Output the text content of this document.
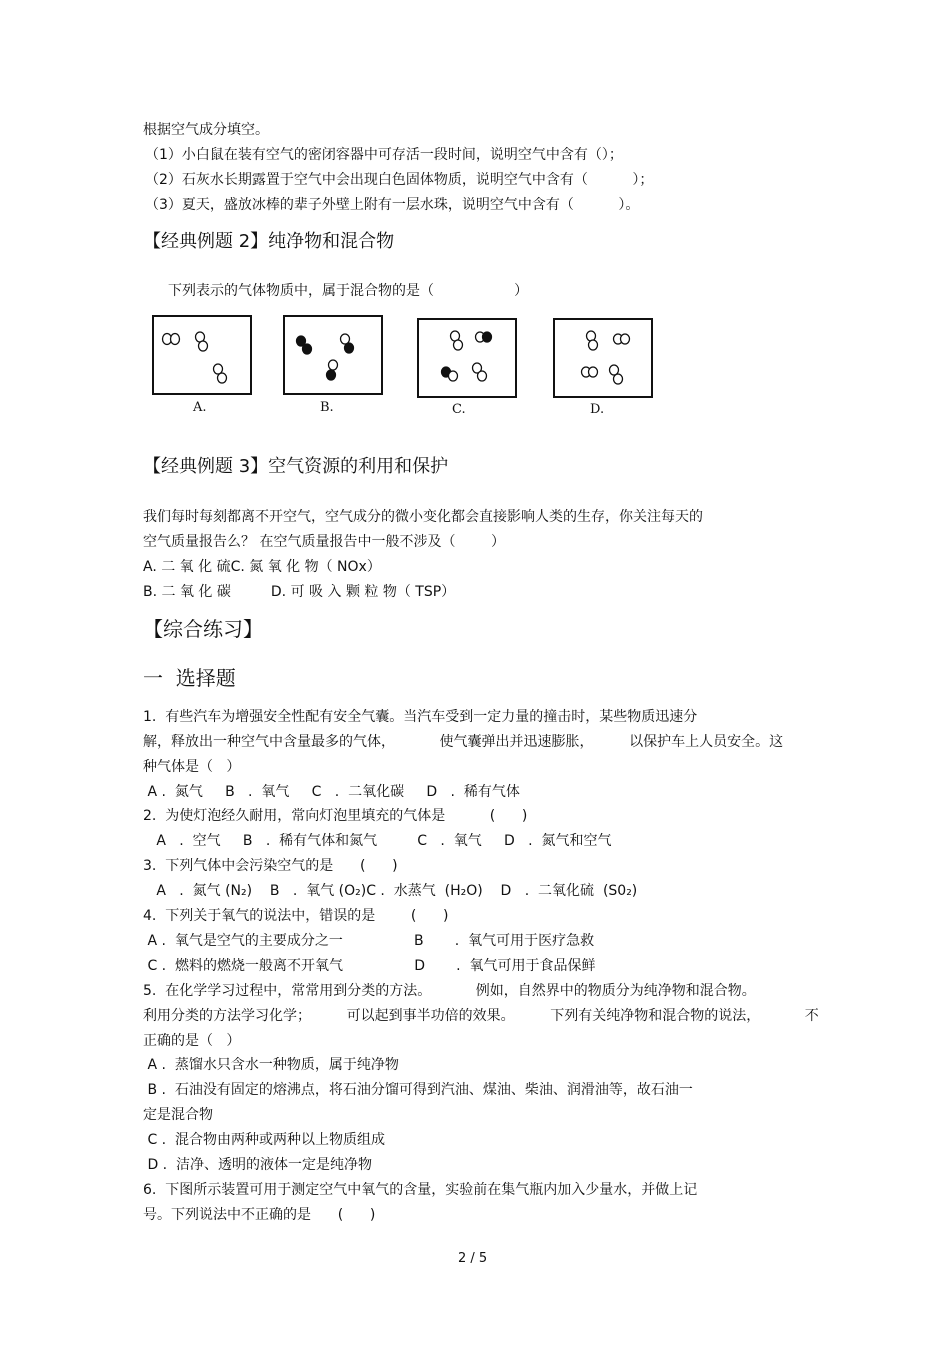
根据空气成分填空。
（1）小白鼠在装有空气的密闭容器中可存活一段时间，说明空气中含有（）；
（2）石灰水长期露置于空气中会出现白色固体物质，说明空气中含有（          ）；
（3）夏天，盛放冰棒的辈子外壁上附有一层水珠，说明空气中含有（          ）。
【经典例题 2】纯净物和混合物
下列表示的气体物质中，属于混合物的是（                  ）
A.	B.	C.	D.
【经典例题 3】空气资源的利用和保护
我们每时每刻都离不开空气，空气成分的微小变化都会直接影响人类的生存，你关注每天的
空气质量报告么？ 在空气质量报告中一般不涉及（        ）
A. 二 氧 化 硫C. 氮 氧 化 物（ NOx）
B. 二 氧 化 碳         D. 可 吸 入 颗 粒 物（ TSP）
【综合练习】
一  选择题
1.  有些汽车为增强安全性配有安全气囊。当汽车受到一定力量的撞击时，某些物质迅速分
解，释放出一种空气中含量最多的气体，          使气囊弹出并迅速膨胀，        以保护车上人员安全。这
种气体是（   ）
A .  氮气     B   .  氧气     C   .  二氧化碳     D   .  稀有气体
2.  为使灯泡经久耐用，常向灯泡里填充的气体是          (      )
A   .  空气     B   .  稀有气体和氮气         C   .  氧气     D   .  氮气和空气
3.  下列气体中会污染空气的是      (      )
A   .  氮气 (N₂)    B   .  氧气 (O₂)C .  水蒸气  (H₂O)    D   .  二氧化硫  (S0₂)
4.  下列关于氧气的说法中，错误的是        (      )
A .  氧气是空气的主要成分之一                B       .  氧气可用于医疗急救
C .  燃料的燃烧一般离不开氧气                D       .  氧气可用于食品保鲜
5.  在化学学习过程中，常常用到分类的方法。          例如，自然界中的物质分为纯净物和混合物。
利用分类的方法学习化学；        可以起到事半功倍的效果。        下列有关纯净物和混合物的说法，          不
正确的是（   ）
A .  蒸馏水只含水一种物质，属于纯净物
B .  石油没有固定的熔沸点，将石油分馏可得到汽油、煤油、柴油、润滑油等，故石油一
定是混合物
C .  混合物由两种或两种以上物质组成
D .  洁净、透明的液体一定是纯净物
6.  下图所示装置可用于测定空气中氧气的含量，实验前在集气瓶内加入少量水，并做上记
号。下列说法中不正确的是      (      )
2 / 5
